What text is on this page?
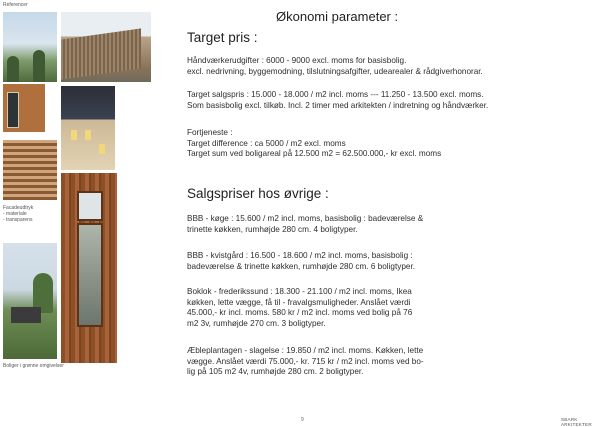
Referencer
Facadeudtryk
- materiale
- transparens
Boliger i grønne omgivelser
Økonomi parameter :
Target pris :
Håndværkerudgifter : 6000 - 9000 excl. moms for basisbolig.
excl. nedrivning, byggemodning, tilslutningsafgifter, udearealer & rådgiverhonorar.
Target salgspris : 15.000 - 18.000 / m2 incl. moms --- 11.250 - 13.500 excl. moms.
Som basisbolig excl. tilkøb. Incl. 2 timer med arkitekten / indretning og håndværker.
Fortjeneste :
Target difference : ca 5000 / m2 excl. moms
Target sum ved boligareal på 12.500 m2 = 62.500.000,- kr excl. moms
Salgspriser hos øvrige :
BBB - køge : 15.600 / m2 incl. moms, basisbolig : badeværelse &
trinette køkken, rumhøjde 280 cm. 4 boligtyper.
BBB - kvistgård : 16.500 - 18.600 / m2 incl. moms, basisbolig :
badeværelse & trinette køkken, rumhøjde 280 cm. 6 boligtyper.
Boklok - frederikssund : 18.300 - 21.100 / m2 incl. moms, Ikea
køkken, lette vægge, få til - fravalgsmuligheder. Anslået værdi
45.000,- kr incl. moms. 580 kr / m2 incl. moms ved bolig på 76
m2 3v, rumhøjde 270 cm. 3 boligtyper.
Æbleplantagen - slagelse : 19.850 / m2 incl. moms. Køkken, lette
vægge. Anslået værdi 75.000,- kr. 715 kr / m2 incl. moms ved bo-
lig på 105 m2 4v, rumhøjde 280 cm. 2 boligtyper.
9	SBARK ARKITEKTER
